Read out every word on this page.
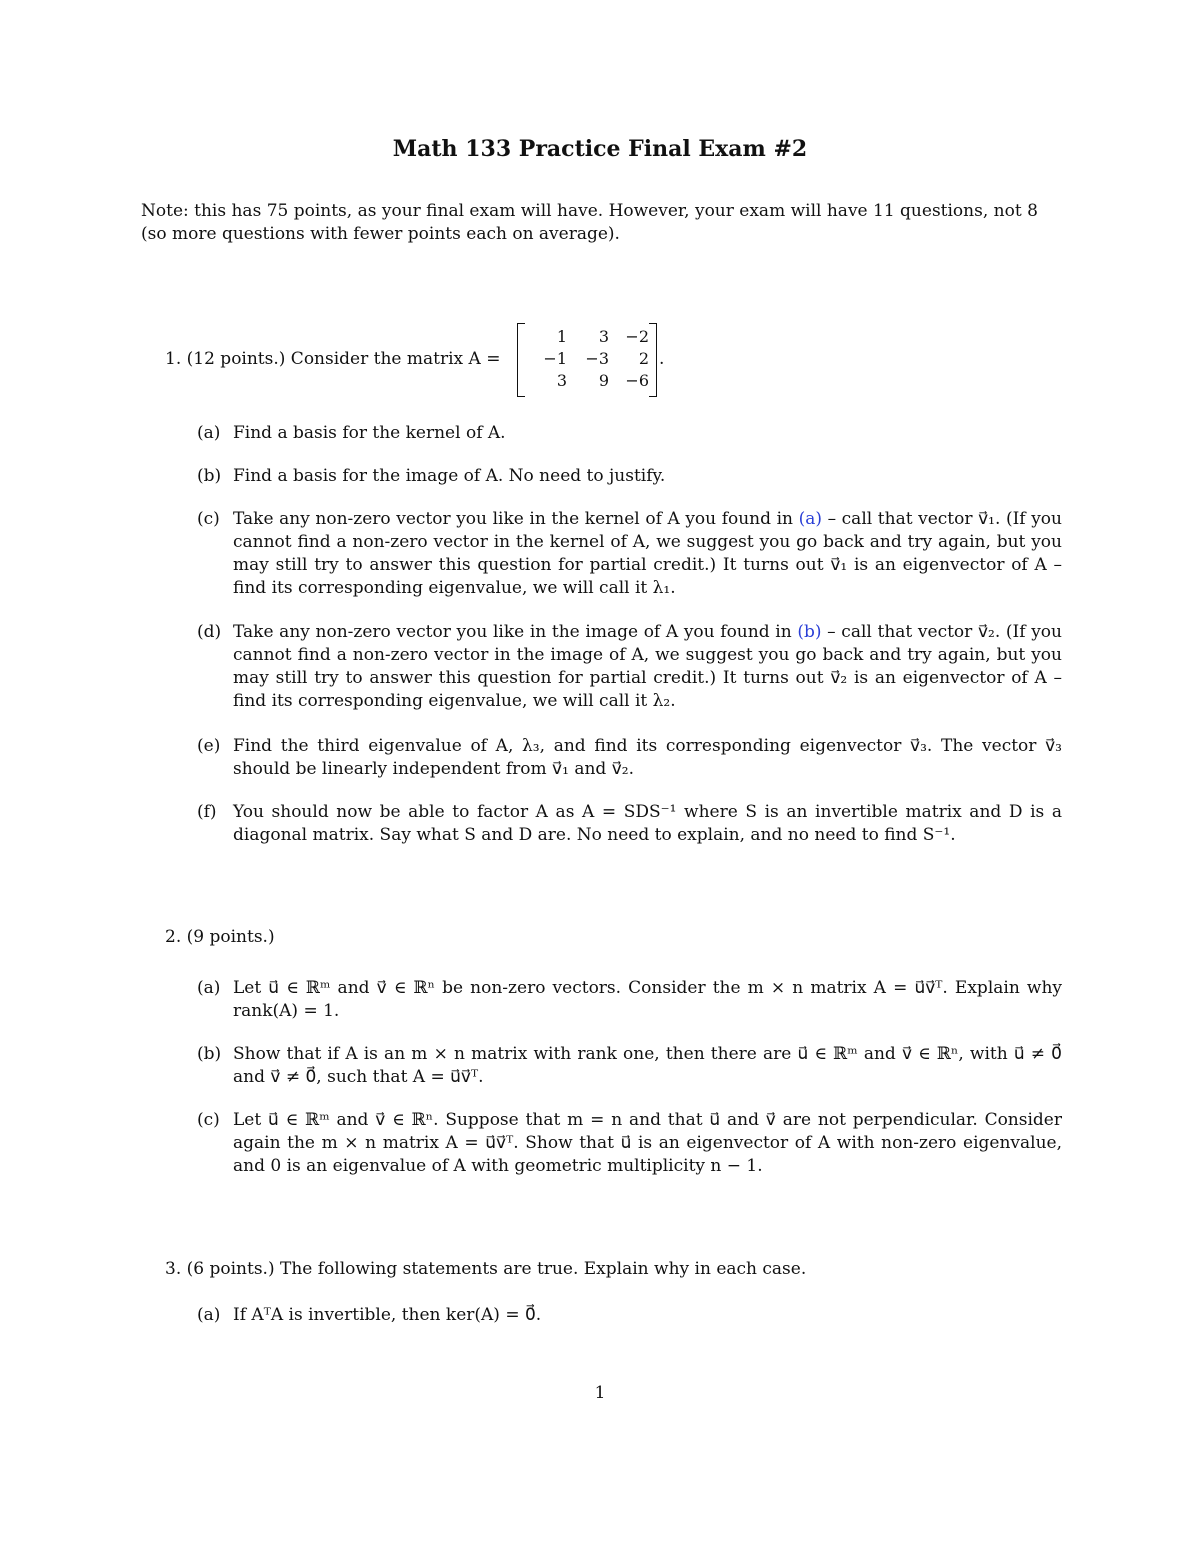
Math 133 Practice Final Exam #2
Note: this has 75 points, as your final exam will have. However, your exam will have 11 questions, not 8 (so more questions with fewer points each on average).
1. (12 points.) Consider the matrix A =
1	3	−2
−1	−3	2
3	9	−6
.
(a) Find a basis for the kernel of A.
(b) Find a basis for the image of A. No need to justify.
(c) Take any non-zero vector you like in the kernel of A you found in (a) – call that vector v⃗₁. (If you cannot find a non-zero vector in the kernel of A, we suggest you go back and try again, but you may still try to answer this question for partial credit.) It turns out v⃗₁ is an eigenvector of A – find its corresponding eigenvalue, we will call it λ₁.
(d) Take any non-zero vector you like in the image of A you found in (b) – call that vector v⃗₂. (If you cannot find a non-zero vector in the image of A, we suggest you go back and try again, but you may still try to answer this question for partial credit.) It turns out v⃗₂ is an eigenvector of A – find its corresponding eigenvalue, we will call it λ₂.
(e) Find the third eigenvalue of A, λ₃, and find its corresponding eigenvector v⃗₃. The vector v⃗₃ should be linearly independent from v⃗₁ and v⃗₂.
(f) You should now be able to factor A as A = SDS⁻¹ where S is an invertible matrix and D is a diagonal matrix. Say what S and D are. No need to explain, and no need to find S⁻¹.
2. (9 points.)
(a) Let u⃗ ∈ ℝᵐ and v⃗ ∈ ℝⁿ be non-zero vectors. Consider the m × n matrix A = u⃗v⃗ᵀ. Explain why rank(A) = 1.
(b) Show that if A is an m × n matrix with rank one, then there are u⃗ ∈ ℝᵐ and v⃗ ∈ ℝⁿ, with u⃗ ≠ 0⃗ and v⃗ ≠ 0⃗, such that A = u⃗v⃗ᵀ.
(c) Let u⃗ ∈ ℝᵐ and v⃗ ∈ ℝⁿ. Suppose that m = n and that u⃗ and v⃗ are not perpendicular. Consider again the m × n matrix A = u⃗v⃗ᵀ. Show that u⃗ is an eigenvector of A with non-zero eigenvalue, and 0 is an eigenvalue of A with geometric multiplicity n − 1.
3. (6 points.) The following statements are true. Explain why in each case.
(a) If AᵀA is invertible, then ker(A) = 0⃗.
1
